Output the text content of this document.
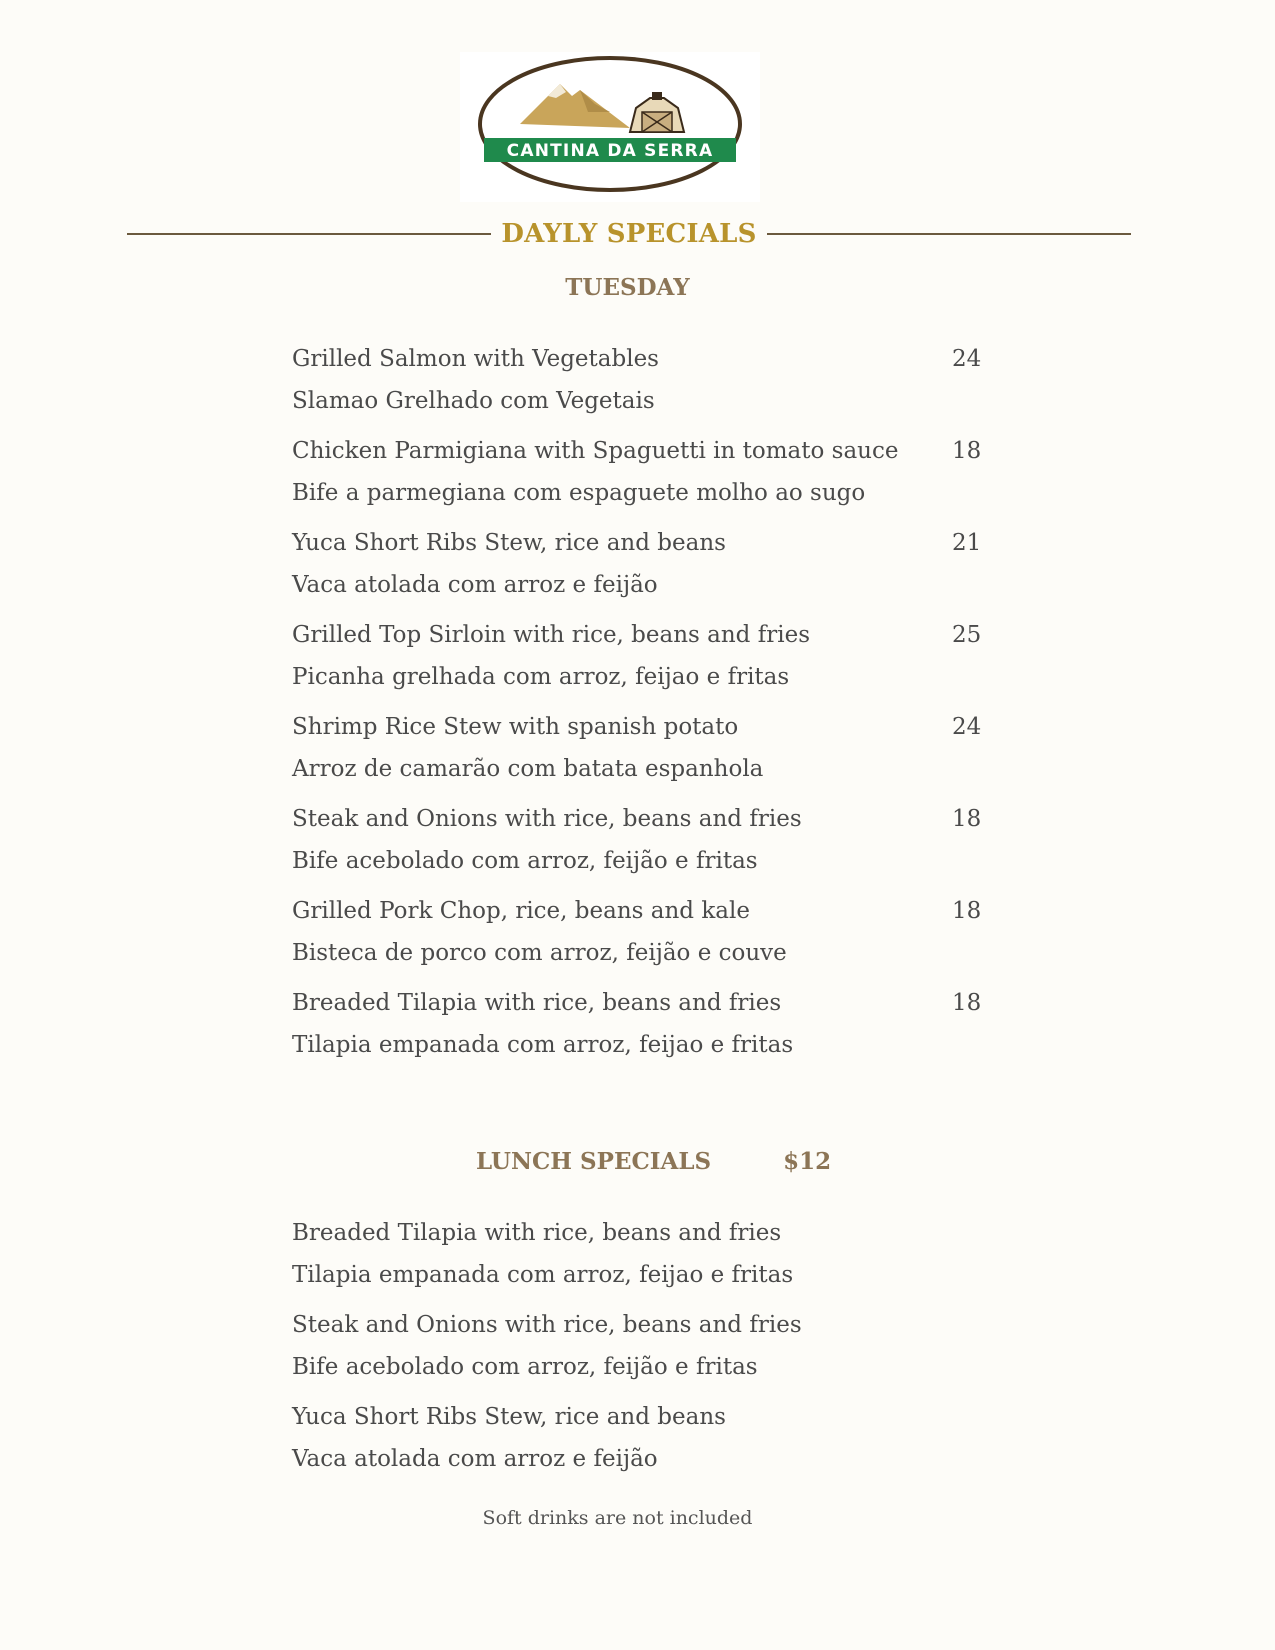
CANTINA DA SERRA
DAYLY SPECIALS
TUESDAY
Grilled Salmon with Vegetables	24
Slamao Grelhado com Vegetais
Chicken Parmigiana with Spaguetti in tomato sauce 18
Bife a parmegiana com espaguete molho ao sugo
Yuca Short Ribs Stew, rice and beans	21
Vaca atolada com arroz e feijão
Grilled Top Sirloin with rice, beans and fries	25
Picanha grelhada com arroz, feijao e fritas
Shrimp Rice Stew with spanish potato	24
Arroz de camarão com batata espanhola
Steak and Onions with rice, beans and fries	18
Bife acebolado com arroz, feijão e fritas
Grilled Pork Chop, rice, beans and kale	18
Bisteca de porco com arroz, feijão e couve
Breaded Tilapia with rice, beans and fries	18
Tilapia empanada com arroz, feijao e fritas
LUNCH SPECIALS	$12
Breaded Tilapia with rice, beans and fries
Tilapia empanada com arroz, feijao e fritas
Steak and Onions with rice, beans and fries
Bife acebolado com arroz, feijão e fritas
Yuca Short Ribs Stew, rice and beans
Vaca atolada com arroz e feijão
Soft drinks are not included
